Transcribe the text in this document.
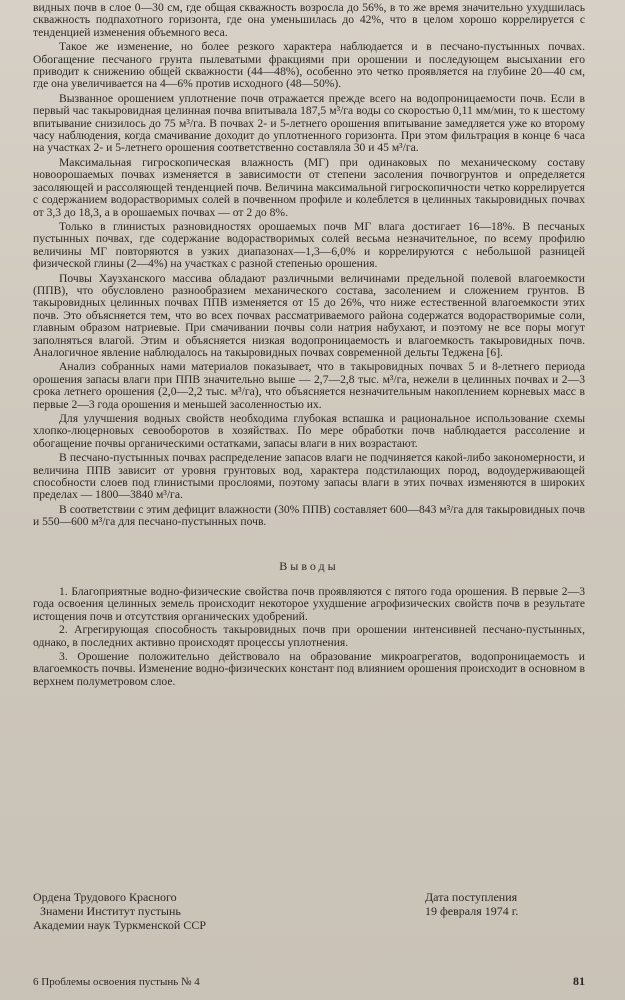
видных почв в слое 0—30 см, где общая скважность возросла до 56%, в то же время значительно ухудшилась скважность подпахотного горизонта, где она уменьшилась до 42%, что в целом хорошо коррелируется с тенденцией изменения объемного веса.

Такое же изменение, но более резкого характера наблюдается и в песчано-пустынных почвах. Обогащение песчаного грунта пылеватыми фракциями при орошении и последующем высыхании его приводит к снижению общей скважности (44—48%), особенно это четко проявляется на глубине 20—40 см, где она увеличивается на 4—6% против исходного (48—50%).

Вызванное орошением уплотнение почв отражается прежде всего на водопроницаемости почв. Если в первый час такыровидная целинная почва впитывала 187,5 м³/га воды со скоростью 0,11 мм/мин, то к шестому впитывание снизилось до 75 м³/га. В почвах 2- и 5-летнего орошения впитывание замедляется уже ко второму часу наблюдения, когда смачивание доходит до уплотненного горизонта. При этом фильтрация в конце 6 часа на участках 2- и 5-летнего орошения соответственно составляла 30 и 45 м³/га.

Максимальная гигроскопическая влажность (МГ) при одинаковых по механическому составу новоорошаемых почвах изменяется в зависимости от степени засоления почвогрунтов и определяется засоляющей и рассоляющей тенденцией почв. Величина максимальной гигроскопичности четко коррелируется с содержанием водорастворимых солей в почвенном профиле и колеблется в целинных такыровидных почвах от 3,3 до 18,3, а в орошаемых почвах — от 2 до 8%.

Только в глинистых разновидностях орошаемых почв МГ влага достигает 16—18%. В песчаных пустынных почвах, где содержание водорастворимых солей весьма незначительное, по всему профилю величины МГ повторяются в узких диапазонах—1,3—6,0% и коррелируются с небольшой разницей физической глины (2—4%) на участках с разной степенью орошения.

Почвы Хаузханского массива обладают различными величинами предельной полевой влагоемкости (ППВ), что обусловлено разнообразием механического состава, засолением и сложением грунтов. В такыровидных целинных почвах ППВ изменяется от 15 до 26%, что ниже естественной влагоемкости этих почв. Это объясняется тем, что во всех почвах рассматриваемого района содержатся водорастворимые соли, главным образом натриевые. При смачивании почвы соли натрия набухают, и поэтому не все поры могут заполняться влагой. Этим и объясняется низкая водопроницаемость и влагоемкость такыровидных почв. Аналогичное явление наблюдалось на такыровидных почвах современной дельты Теджена [6].

Анализ собранных нами материалов показывает, что в такыровидных почвах 5 и 8-летнего периода орошения запасы влаги при ППВ значительно выше — 2,7—2,8 тыс. м³/га, нежели в целинных почвах и 2—3 срока летнего орошения (2,0—2,2 тыс. м³/га), что объясняется незначительным накоплением корневых масс в первые 2—3 года орошения и меньшей засоленностью их.

Для улучшения водных свойств необходима глубокая вспашка и рациональное использование схемы хлопко-люцерновых севооборотов в хозяйствах. По мере обработки почв наблюдается рассоление и обогащение почвы органическими остатками, запасы влаги в них возрастают.

В песчано-пустынных почвах распределение запасов влаги не подчиняется какой-либо закономерности, и величина ППВ зависит от уровня грунтовых вод, характера подстилающих пород, водоудерживающей способности слоев под глинистыми прослоями, поэтому запасы влаги в этих почвах изменяются в широких пределах — 1800—3840 м³/га.

В соответствии с этим дефицит влажности (30% ППВ) составляет 600—843 м³/га для такыровидных почв и 550—600 м³/га для песчано-пустынных почв.

Выводы

1. Благоприятные водно-физические свойства почв проявляются с пятого года орошения. В первые 2—3 года освоения целинных земель происходит некоторое ухудшение агрофизических свойств почв в результате истощения почв и отсутствия органических удобрений.

2. Агрегирующая способность такыровидных почв при орошении интенсивней песчано-пустынных, однако, в последних активно происходят процессы уплотнения.

3. Орошение положительно действовало на образование микроагрегатов, водопроницаемость и влагоемкость почвы. Изменение водно-физических констант под влиянием орошения происходит в основном в верхнем полуметровом слое.

Ордена Трудового Красного
Знамени Институт пустынь
Академии наук Туркменской ССР
Дата поступления
19 февраля 1974 г.
6 Проблемы освоения пустынь № 4	81
